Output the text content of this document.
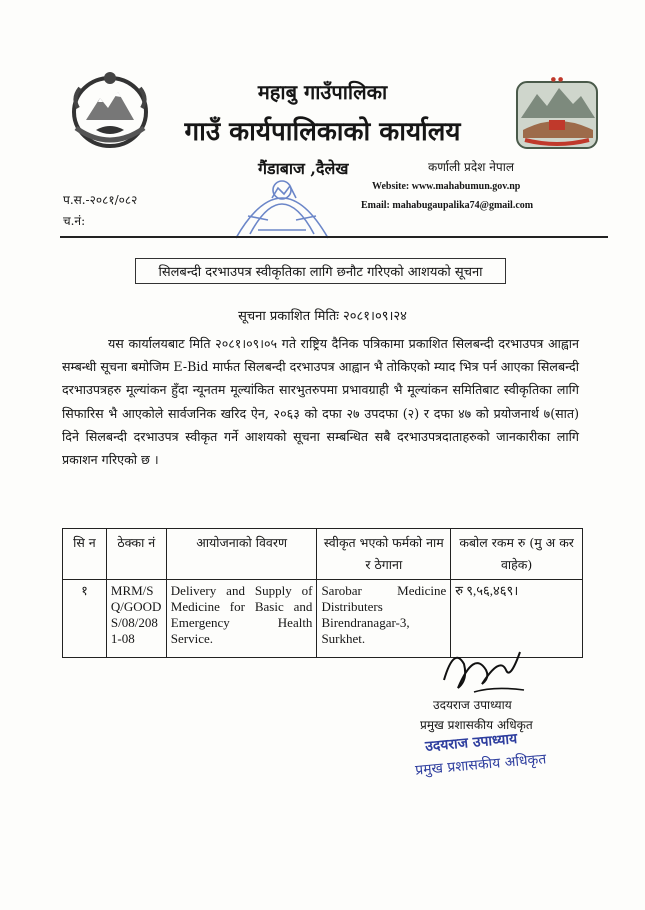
● ●
महाबु गाउँपालिका
गाउँ कार्यपालिकाको कार्यालय
गैंडाबाज ,दैलेख	कर्णाली प्रदेश नेपाल
Website: www.mahabumun.gov.np
Email: mahabugaupalika74@gmail.com
प.स.-२०८१/०८२
च.नं:
सिलबन्दी दरभाउपत्र स्वीकृतिका लागि छनौट गरिएको आशयको सूचना
सूचना प्रकाशित मितिः २०८१।०९।२४
यस कार्यालयबाट मिति २०८१।०९।०५ गते राष्ट्रिय दैनिक पत्रिकामा प्रकाशित सिलबन्दी दरभाउपत्र आह्वान सम्बन्धी सूचना बमोजिम E-Bid मार्फत सिलबन्दी दरभाउपत्र आह्वान भै तोकिएको म्याद भित्र पर्न आएका सिलबन्दी दरभाउपत्रहरु मूल्यांकन हुँदा न्यूनतम मूल्यांकित सारभुतरुपमा प्रभावग्राही भै मूल्यांकन समितिबाट स्वीकृतिका लागि सिफारिस भै आएकोले सार्वजनिक खरिद ऐन, २०६३ को दफा २७ उपदफा (२) र दफा ४७ को प्रयोजनार्थ ७(सात) दिने सिलबन्दी दरभाउपत्र स्वीकृत गर्ने आशयको सूचना सम्बन्धित सबै दरभाउपत्रदाताहरुको जानकारीका लागि प्रकाशन गरिएको छ ।
सि न	ठेक्का नं	आयोजनाको विवरण	स्वीकृत भएको फर्मको नाम र ठेगाना	कबोल रकम रु (मु अ कर वाहेक)
१	MRM/SQ/GOODS/08/2081-08	Delivery and Supply of Medicine for Basic and Emergency Health Service.	Sarobar Medicine Distributers Birendranagar-3, Surkhet.	रु ९,५६,४६९।
उदयराज उपाध्याय
प्रमुख प्रशासकीय अधिकृत
उदयराज उपाध्याय
प्रमुख प्रशासकीय अधिकृत
